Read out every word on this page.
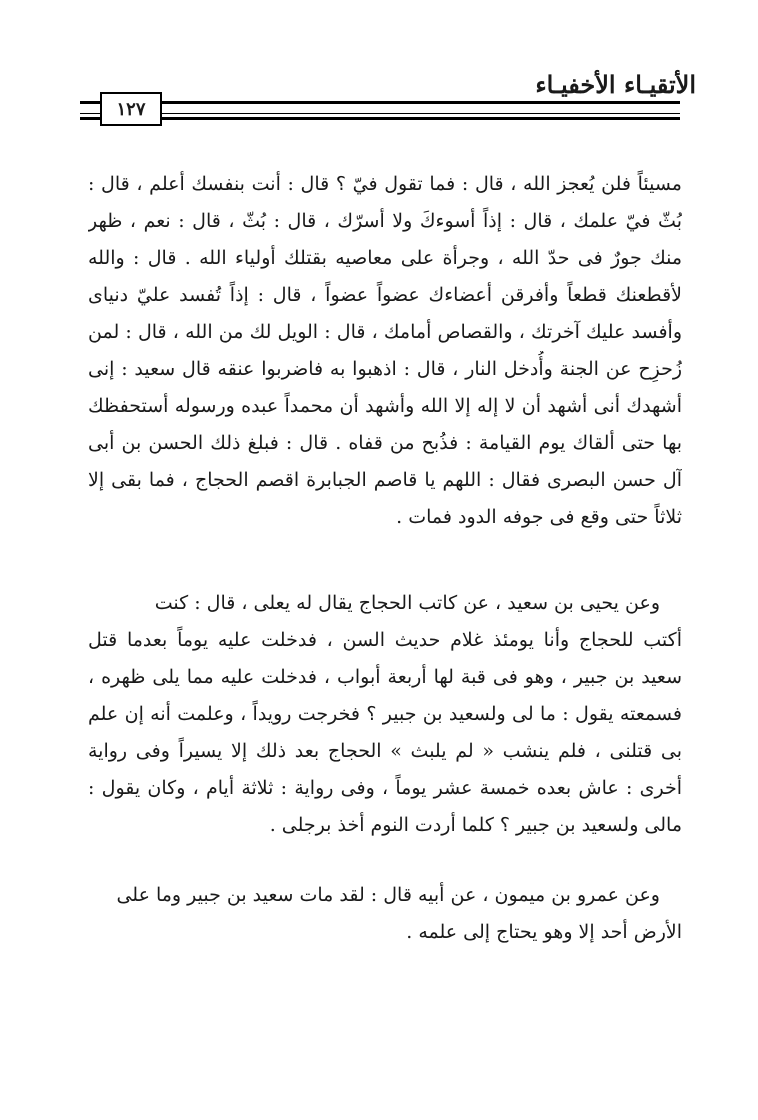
الأتقيـاء الأخفيـاء
١٢٧
مسيئاً فلن يُعجز الله ، قال : فما تقول فيّ ؟ قال : أنت بنفسك أعلم ، قال :
بُثّ فيّ علمك ، قال : إذاً أسوءكَ ولا أسرّك ، قال : بُثّ ، قال : نعم ، ظهر
منك جورٌ فى حدّ الله ، وجرأة على معاصيه بقتلك أولياء الله . قال : والله
لأقطعنك قطعاً وأفرقن أعضاءك عضواً عضواً ، قال : إذاً تُفسد عليّ دنياى
وأفسد عليك آخرتك ، والقصاص أمامك ، قال : الويل لك من الله ، قال : لمن
زُحزِح عن الجنة وأُدخل النار ، قال : اذهبوا به فاضربوا عنقه قال سعيد : إنى
أشهدك أنى أشهد أن لا إله إلا الله وأشهد أن محمداً عبده ورسوله أستحفظك
بها حتى ألقاك يوم القيامة : فذُبح من قفاه . قال : فبلغ ذلك الحسن بن أبى
آل حسن البصرى فقال : اللهم يا قاصم الجبابرة اقصم الحجاج ، فما بقى إلا
ثلاثاً حتى وقع فى جوفه الدود فمات .
وعن يحيى بن سعيد ، عن كاتب الحجاج يقال له يعلى ، قال : كنت
أكتب للحجاج وأنا يومئذ غلام حديث السن ، فدخلت عليه يوماً بعدما قتل
سعيد بن جبير ، وهو فى قبة لها أربعة أبواب ، فدخلت عليه مما يلى ظهره ،
فسمعته يقول : ما لى ولسعيد بن جبير ؟ فخرجت رويداً ، وعلمت أنه إن علم
بى قتلنى ، فلم ينشب « لم يلبث » الحجاج بعد ذلك إلا يسيراً وفى رواية
أخرى : عاش بعده خمسة عشر يوماً ، وفى رواية : ثلاثة أيام ، وكان يقول :
مالى ولسعيد بن جبير ؟ كلما أردت النوم أخذ برجلى .
وعن عمرو بن ميمون ، عن أبيه قال : لقد مات سعيد بن جبير وما على
الأرض أحد إلا وهو يحتاج إلى علمه .
